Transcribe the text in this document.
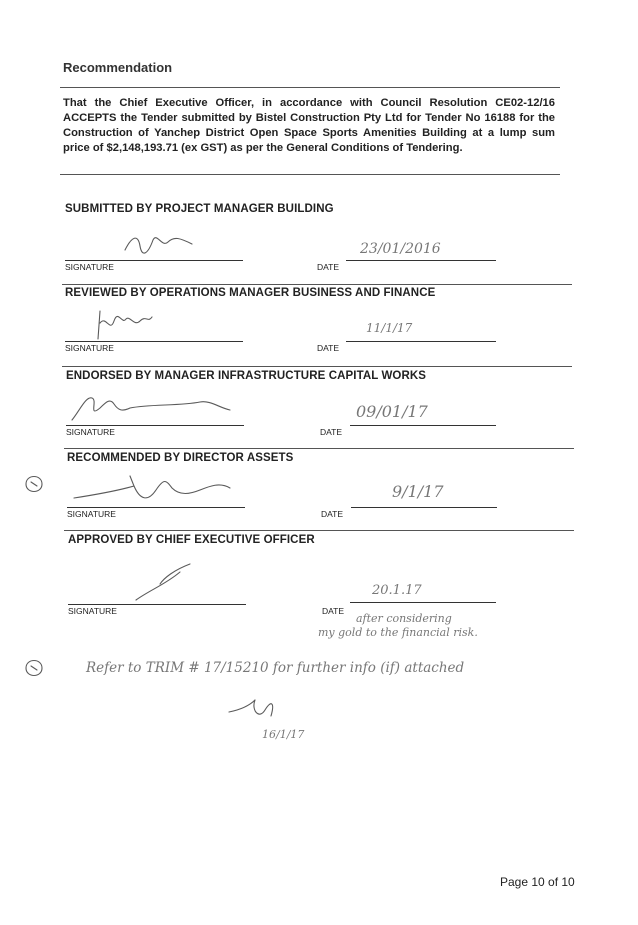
Recommendation
That the Chief Executive Officer, in accordance with Council Resolution CE02-12/16 ACCEPTS the Tender submitted by Bistel Construction Pty Ltd for Tender No 16188 for the Construction of Yanchep District Open Space Sports Amenities Building at a lump sum price of $2,148,193.71 (ex GST) as per the General Conditions of Tendering.
SUBMITTED BY PROJECT MANAGER BUILDING
SIGNATURE	DATE
23/01/2016
REVIEWED BY OPERATIONS MANAGER BUSINESS AND FINANCE
SIGNATURE	DATE
11/1/17
ENDORSED BY MANAGER INFRASTRUCTURE CAPITAL WORKS
SIGNATURE	DATE
09/01/17
RECOMMENDED BY DIRECTOR ASSETS
SIGNATURE	DATE
9/1/17
APPROVED BY CHIEF EXECUTIVE OFFICER
SIGNATURE	DATE
20.1.17
after considering
my gold to the financial risk.
Refer to TRIM # 17/15210 for further info (if) attached
16/1/17
Page 10 of 10
